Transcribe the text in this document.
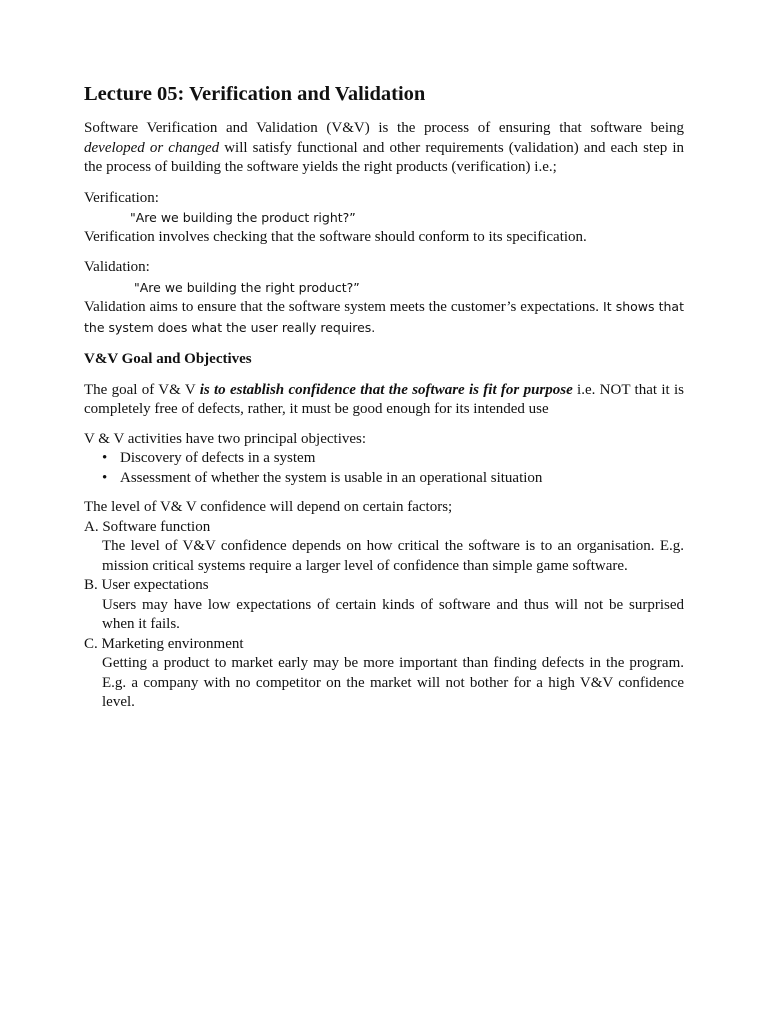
Lecture 05: Verification and Validation

Software Verification and Validation (V&V) is the process of ensuring that software being developed or changed will satisfy functional and other requirements (validation) and each step in the process of building the software yields the right products (verification) i.e.;

Verification:

"Are we building the product right?”

Verification involves checking that the software should conform to its specification.

Validation:

"Are we building the right product?”

Validation aims to ensure that the software system meets the customer’s expectations. It shows that the system does what the user really requires.

V&V Goal and Objectives

The goal of V& V is to establish confidence that the software is fit for purpose i.e. NOT that it is completely free of defects, rather, it must be good enough for its intended use

V & V activities have two principal objectives:

• Discovery of defects in a system
• Assessment of whether the system is usable in an operational situation

The level of V& V confidence will depend on certain factors;

A. Software function

The level of V&V confidence depends on how critical the software is to an organisation. E.g. mission critical systems require a larger level of confidence than simple game software.

B. User expectations

Users may have low expectations of certain kinds of software and thus will not be surprised when it fails.

C. Marketing environment

Getting a product to market early may be more important than finding defects in the program. E.g. a company with no competitor on the market will not bother for a high V&V confidence level.
